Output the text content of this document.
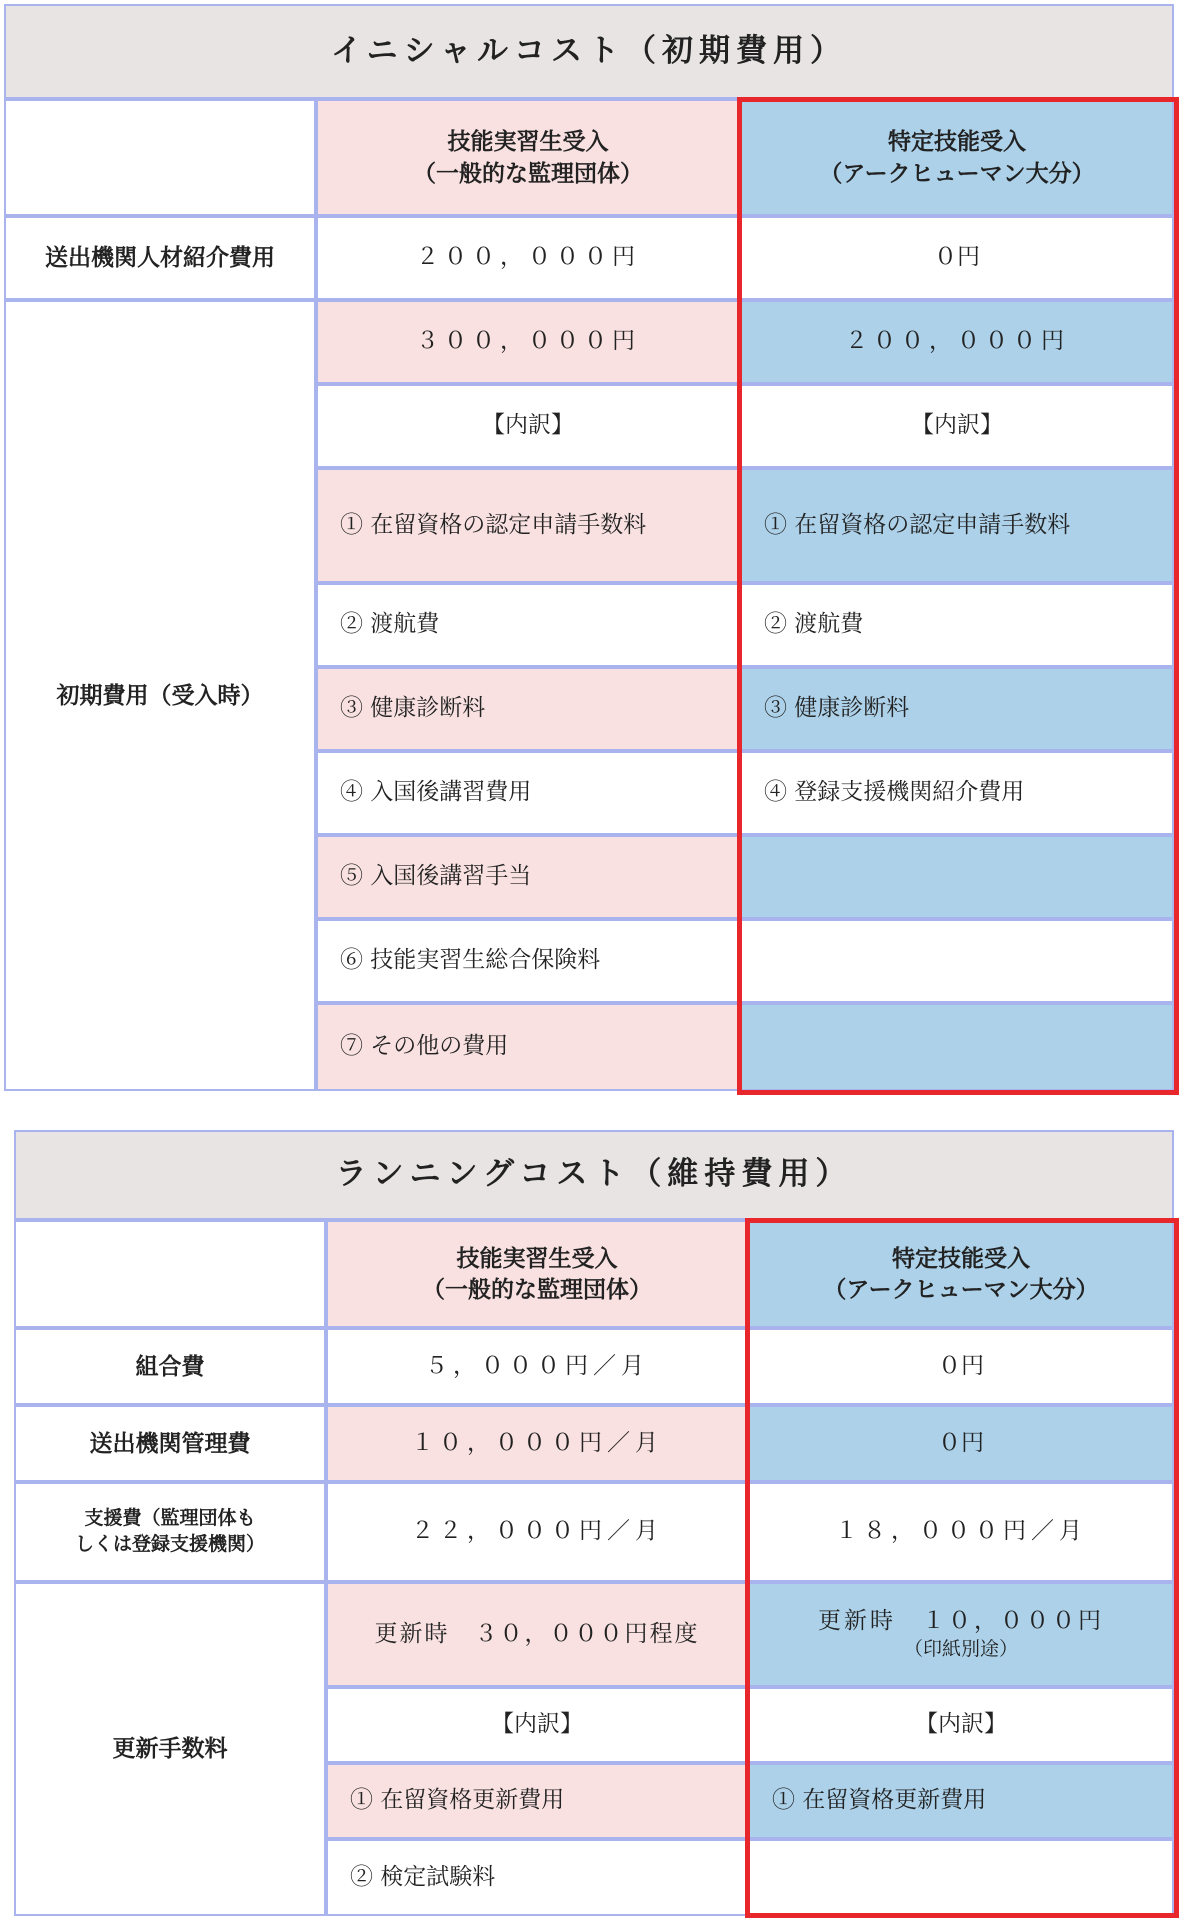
イニシャルコスト（初期費用）
技能実習生受入
（一般的な監理団体）
特定技能受入
（アークヒューマン大分）
送出機関人材紹介費用	２００，０００円	０円
初期費用（受入時）
３００，０００円	２００，０００円
【内訳】	【内訳】
① 在留資格の認定申請手数料	① 在留資格の認定申請手数料
② 渡航費	② 渡航費
③ 健康診断料	③ 健康診断料
④ 入国後講習費用	④ 登録支援機関紹介費用
⑤ 入国後講習手当
⑥ 技能実習生総合保険料
⑦ その他の費用
ランニングコスト（維持費用）
技能実習生受入
（一般的な監理団体）
特定技能受入
（アークヒューマン大分）
組合費	５，０００円／月	０円
送出機関管理費	１０，０００円／月	０円
支援費（監理団体も
しくは登録支援機関）	２２，０００円／月	１８，０００円／月
更新手数料
更新時　３０，０００円程度	更新時　１０，０００円
（印紙別途）
【内訳】	【内訳】
① 在留資格更新費用	① 在留資格更新費用
② 検定試験料
